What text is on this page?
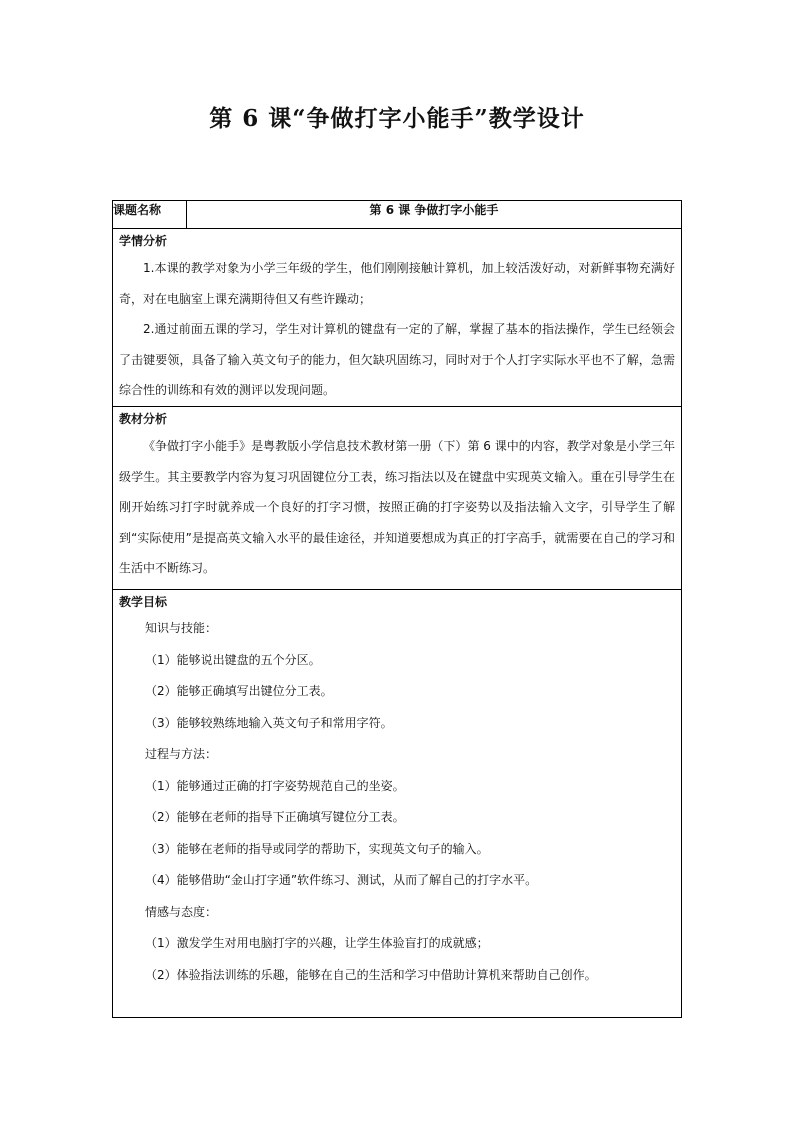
第 6 课“争做打字小能手”教学设计
课题名称	第 6 课 争做打字小能手

学情分析
1.本课的教学对象为小学三年级的学生，他们刚刚接触计算机，加上较活泼好动，对新鲜事物充满好奇，对在电脑室上课充满期待但又有些许躁动；
2.通过前面五课的学习，学生对计算机的键盘有一定的了解，掌握了基本的指法操作，学生已经领会了击键要领，具备了输入英文句子的能力，但欠缺巩固练习，同时对于个人打字实际水平也不了解，急需综合性的训练和有效的测评以发现问题。

教材分析
《争做打字小能手》是粤教版小学信息技术教材第一册（下）第 6 课中的内容，教学对象是小学三年级学生。其主要教学内容为复习巩固键位分工表，练习指法以及在键盘中实现英文输入。重在引导学生在刚开始练习打字时就养成一个良好的打字习惯，按照正确的打字姿势以及指法输入文字，引导学生了解到“实际使用”是提高英文输入水平的最佳途径，并知道要想成为真正的打字高手，就需要在自己的学习和生活中不断练习。

教学目标
知识与技能：
（1）能够说出键盘的五个分区。
（2）能够正确填写出键位分工表。
（3）能够较熟练地输入英文句子和常用字符。
过程与方法：
（1）能够通过正确的打字姿势规范自己的坐姿。
（2）能够在老师的指导下正确填写键位分工表。
（3）能够在老师的指导或同学的帮助下，实现英文句子的输入。
（4）能够借助“金山打字通”软件练习、测试，从而了解自己的打字水平。
情感与态度：
（1）激发学生对用电脑打字的兴趣，让学生体验盲打的成就感；
（2）体验指法训练的乐趣，能够在自己的生活和学习中借助计算机来帮助自己创作。
